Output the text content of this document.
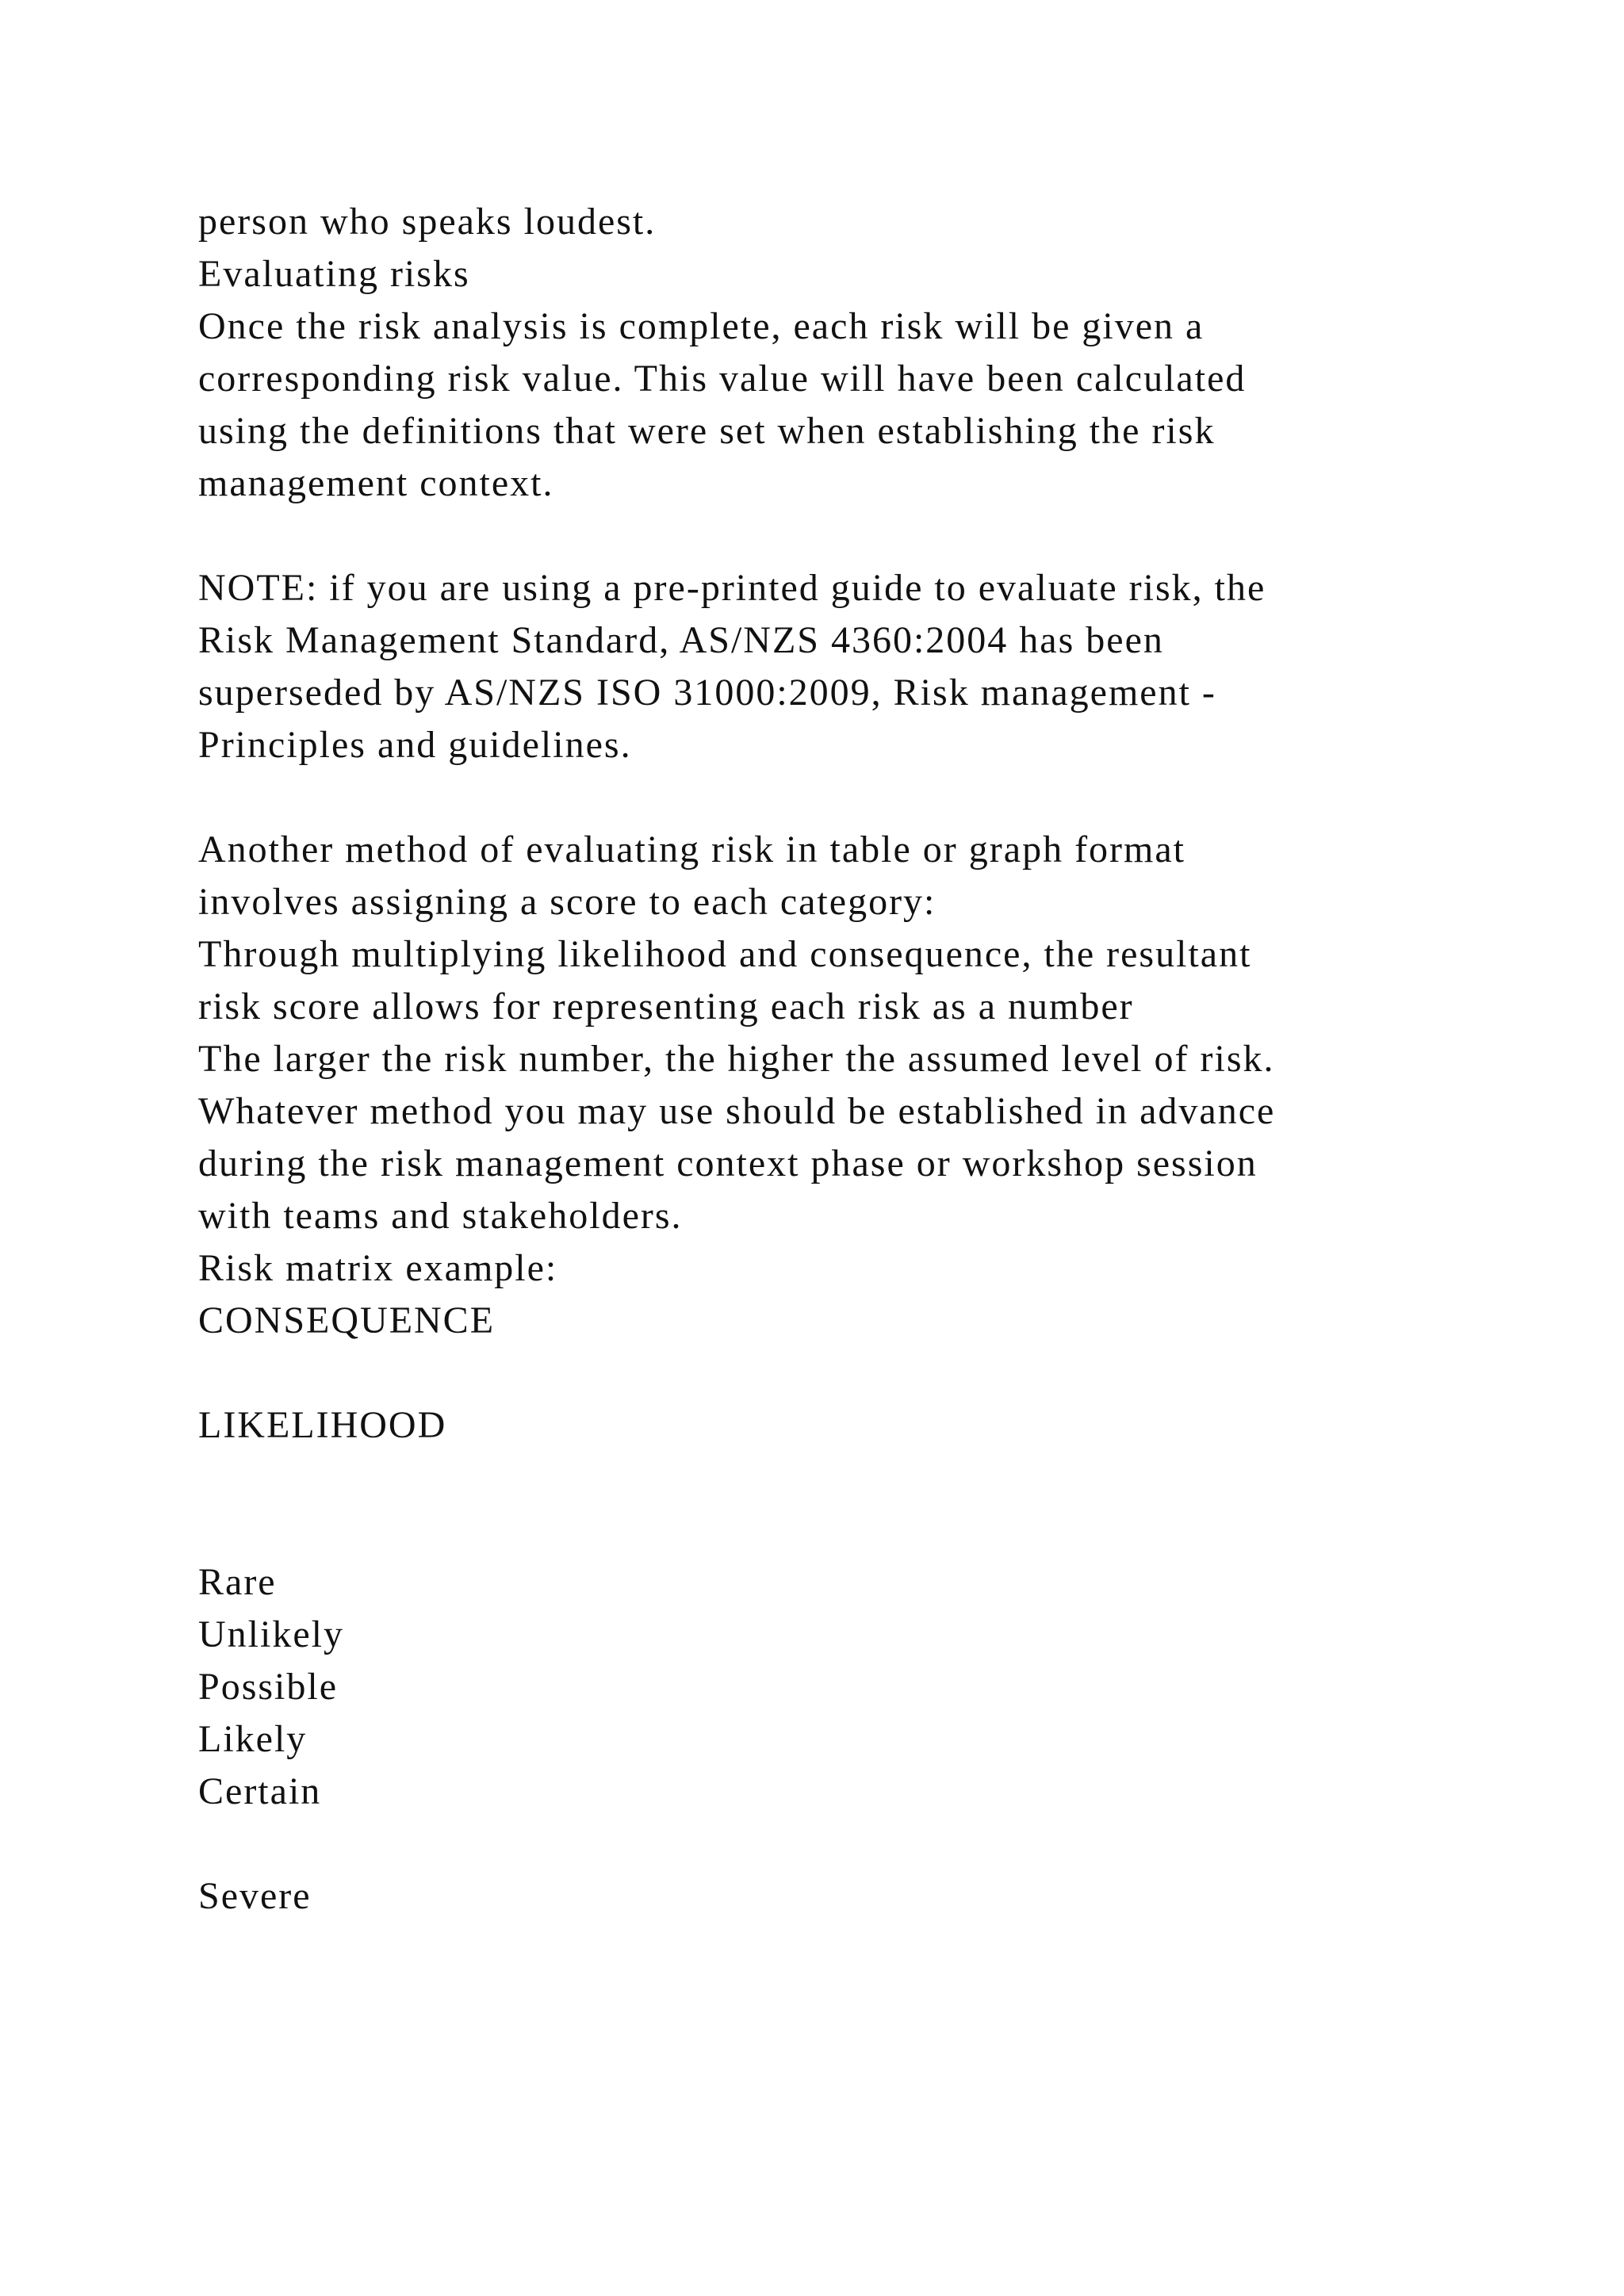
person who speaks loudest.
Evaluating risks
Once the risk analysis is complete, each risk will be given a
corresponding risk value. This value will have been calculated
using the definitions that were set when establishing the risk
management context.
NOTE: if you are using a pre-printed guide to evaluate risk, the
Risk Management Standard, AS/NZS 4360:2004 has been
superseded by AS/NZS ISO 31000:2009, Risk management -
Principles and guidelines.
Another method of evaluating risk in table or graph format
involves assigning a score to each category:
Through multiplying likelihood and consequence, the resultant
risk score allows for representing each risk as a number
The larger the risk number, the higher the assumed level of risk.
Whatever method you may use should be established in advance
during the risk management context phase or workshop session
with teams and stakeholders.
Risk matrix example:
CONSEQUENCE
LIKELIHOOD
Rare
Unlikely
Possible
Likely
Certain
Severe
